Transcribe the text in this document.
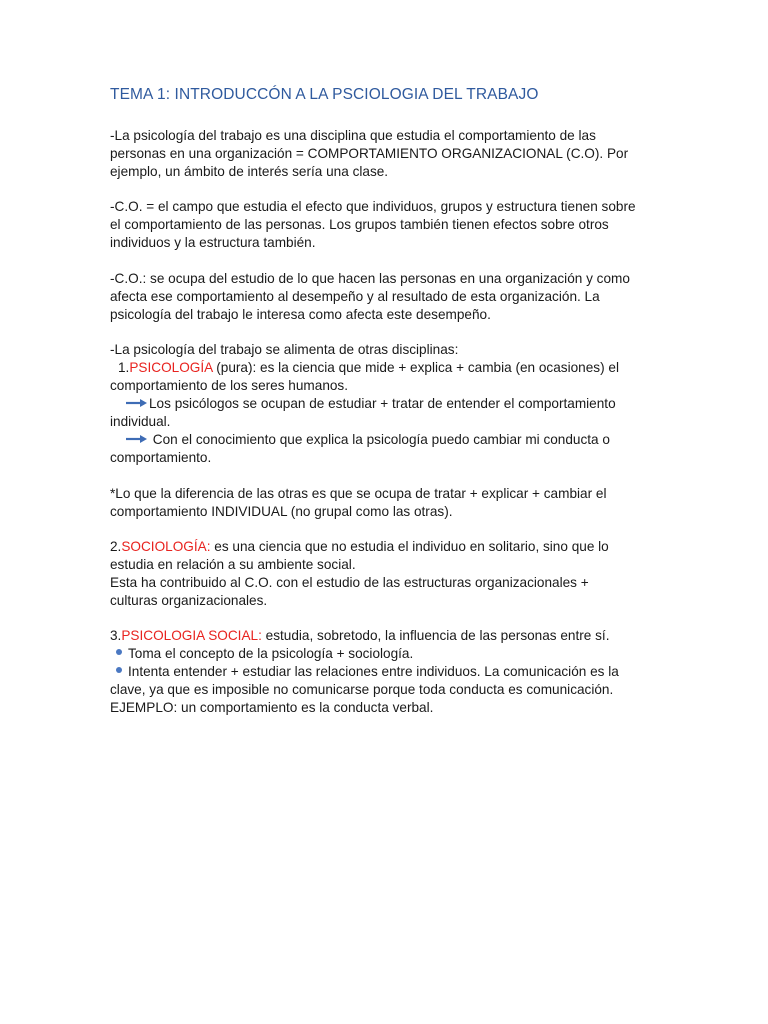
TEMA 1: INTRODUCCÓN A LA PSCIOLOGIA DEL TRABAJO
-La psicología del trabajo es una disciplina que estudia el comportamiento de las
personas en una organización = COMPORTAMIENTO ORGANIZACIONAL (C.O). Por
ejemplo, un ámbito de interés sería una clase.
-C.O. = el campo que estudia el efecto que individuos, grupos y estructura tienen sobre
el comportamiento de las personas. Los grupos también tienen efectos sobre otros
individuos y la estructura también.
-C.O.: se ocupa del estudio de lo que hacen las personas en una organización y como
afecta ese comportamiento al desempeño y al resultado de esta organización. La
psicología del trabajo le interesa como afecta este desempeño.
-La psicología del trabajo se alimenta de otras disciplinas:
1.PSICOLOGÍA (pura): es la ciencia que mide + explica + cambia (en ocasiones) el
comportamiento de los seres humanos.
Los psicólogos se ocupan de estudiar + tratar de entender el comportamiento
individual.
Con el conocimiento que explica la psicología puedo cambiar mi conducta o
comportamiento.
*Lo que la diferencia de las otras es que se ocupa de tratar + explicar + cambiar el
comportamiento INDIVIDUAL (no grupal como las otras).
2.SOCIOLOGÍA: es una ciencia que no estudia el individuo en solitario, sino que lo
estudia en relación a su ambiente social.
Esta ha contribuido al C.O. con el estudio de las estructuras organizacionales +
culturas organizacionales.
3.PSICOLOGIA SOCIAL: estudia, sobretodo, la influencia de las personas entre sí.
Toma el concepto de la psicología + sociología.
Intenta entender + estudiar las relaciones entre individuos. La comunicación es la
clave, ya que es imposible no comunicarse porque toda conducta es comunicación.
EJEMPLO: un comportamiento es la conducta verbal.
